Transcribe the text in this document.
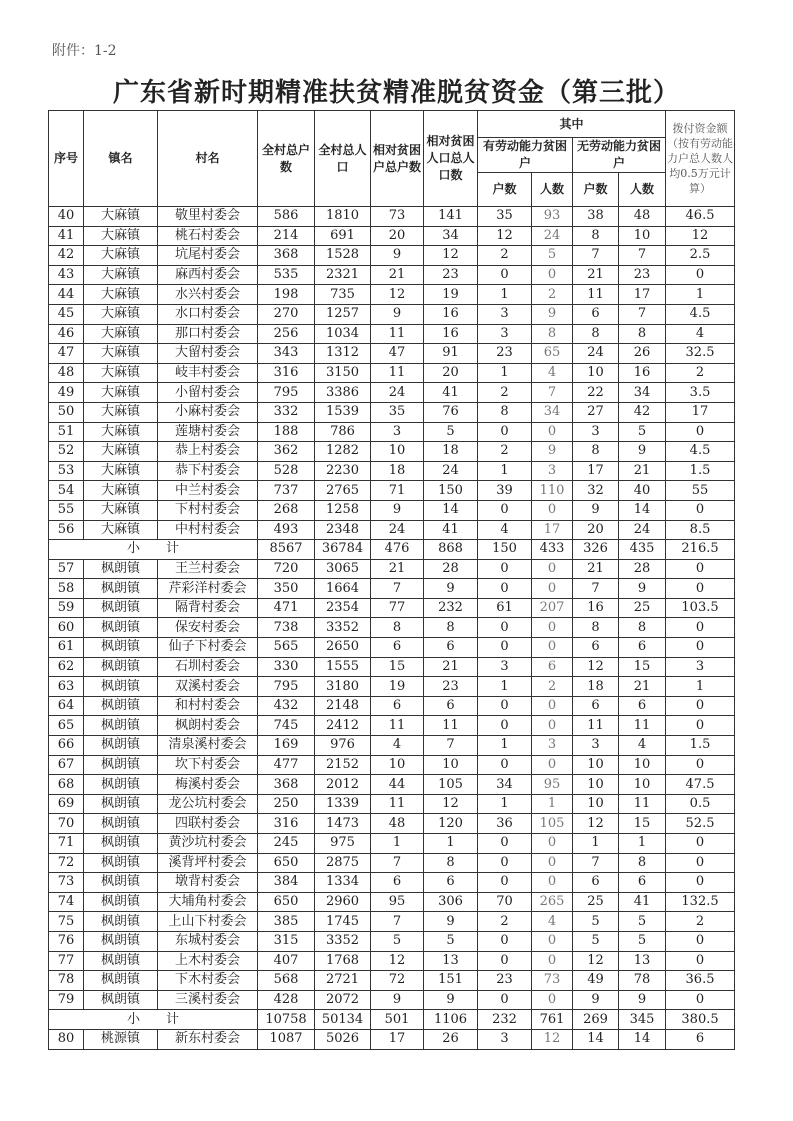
附件：1-2
广东省新时期精准扶贫精准脱贫资金（第三批）
序号	镇名	村名	全村总户数	全村总人口	相对贫困户总户数	相对贫困人口总人口数	其中				拨付资金额（按有劳动能力户总人数人均0.5万元计算）
							有劳动能力贫困户		无劳动能力贫困户		
							户数	人数	户数	人数	
40	大麻镇	敬里村委会	586	1810	73	141	35	93	38	48	46.5
41	大麻镇	桃石村委会	214	691	20	34	12	24	8	10	12
42	大麻镇	坑尾村委会	368	1528	9	12	2	5	7	7	2.5
43	大麻镇	麻西村委会	535	2321	21	23	0	0	21	23	0
44	大麻镇	水兴村委会	198	735	12	19	1	2	11	17	1
45	大麻镇	水口村委会	270	1257	9	16	3	9	6	7	4.5
46	大麻镇	那口村委会	256	1034	11	16	3	8	8	8	4
47	大麻镇	大留村委会	343	1312	47	91	23	65	24	26	32.5
48	大麻镇	岐丰村委会	316	3150	11	20	1	4	10	16	2
49	大麻镇	小留村委会	795	3386	24	41	2	7	22	34	3.5
50	大麻镇	小麻村委会	332	1539	35	76	8	34	27	42	17
51	大麻镇	莲塘村委会	188	786	3	5	0	0	3	5	0
52	大麻镇	恭上村委会	362	1282	10	18	2	9	8	9	4.5
53	大麻镇	恭下村委会	528	2230	18	24	1	3	17	21	1.5
54	大麻镇	中兰村委会	737	2765	71	150	39	110	32	40	55
55	大麻镇	下村村委会	268	1258	9	14	0	0	9	14	0
56	大麻镇	中村村委会	493	2348	24	41	4	17	20	24	8.5
小　　计			8567	36784	476	868	150	433	326	435	216.5
57	枫朗镇	王兰村委会	720	3065	21	28	0	0	21	28	0
58	枫朗镇	芹彩洋村委会	350	1664	7	9	0	0	7	9	0
59	枫朗镇	隔背村委会	471	2354	77	232	61	207	16	25	103.5
60	枫朗镇	保安村委会	738	3352	8	8	0	0	8	8	0
61	枫朗镇	仙子下村委会	565	2650	6	6	0	0	6	6	0
62	枫朗镇	石圳村委会	330	1555	15	21	3	6	12	15	3
63	枫朗镇	双溪村委会	795	3180	19	23	1	2	18	21	1
64	枫朗镇	和村村委会	432	2148	6	6	0	0	6	6	0
65	枫朗镇	枫朗村委会	745	2412	11	11	0	0	11	11	0
66	枫朗镇	清泉溪村委会	169	976	4	7	1	3	3	4	1.5
67	枫朗镇	坎下村委会	477	2152	10	10	0	0	10	10	0
68	枫朗镇	梅溪村委会	368	2012	44	105	34	95	10	10	47.5
69	枫朗镇	龙公坑村委会	250	1339	11	12	1	1	10	11	0.5
70	枫朗镇	四联村委会	316	1473	48	120	36	105	12	15	52.5
71	枫朗镇	黄沙坑村委会	245	975	1	1	0	0	1	1	0
72	枫朗镇	溪背坪村委会	650	2875	7	8	0	0	7	8	0
73	枫朗镇	墩背村委会	384	1334	6	6	0	0	6	6	0
74	枫朗镇	大埔角村委会	650	2960	95	306	70	265	25	41	132.5
75	枫朗镇	上山下村委会	385	1745	7	9	2	4	5	5	2
76	枫朗镇	东城村委会	315	3352	5	5	0	0	5	5	0
77	枫朗镇	上木村委会	407	1768	12	13	0	0	12	13	0
78	枫朗镇	下木村委会	568	2721	72	151	23	73	49	78	36.5
79	枫朗镇	三溪村委会	428	2072	9	9	0	0	9	9	0
小　　计			10758	50134	501	1106	232	761	269	345	380.5
80	桃源镇	新东村委会	1087	5026	17	26	3	12	14	14	6
